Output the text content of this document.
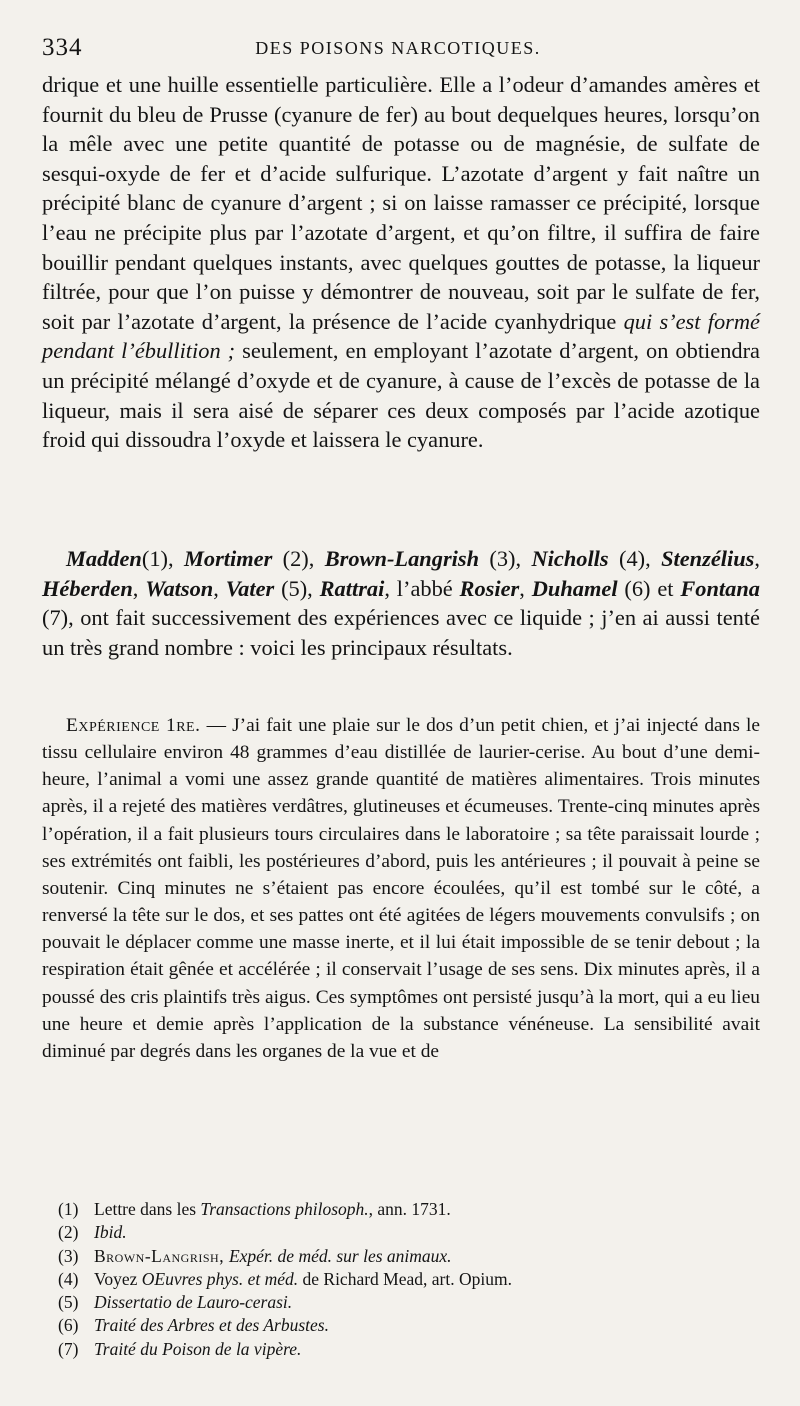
334	DES POISONS NARCOTIQUES.

drique et une huille essentielle particulière. Elle a l’odeur d’amandes amères et fournit du bleu de Prusse (cyanure de fer) au bout dequelques heures, lorsqu’on la mêle avec une petite quantité de potasse ou de magnésie, de sulfate de sesqui-oxyde de fer et d’acide sulfurique. L’azotate d’argent y fait naître un précipité blanc de cyanure d’argent ; si on laisse ramasser ce précipité, lorsque l’eau ne précipite plus par l’azotate d’argent, et qu’on filtre, il suffira de faire bouillir pendant quelques instants, avec quelques gouttes de potasse, la liqueur filtrée, pour que l’on puisse y démontrer de nouveau, soit par le sulfate de fer, soit par l’azotate d’argent, la présence de l’acide cyanhydrique qui s’est formé pendant l’ébullition ; seulement, en employant l’azotate d’argent, on obtiendra un précipité mélangé d’oxyde et de cyanure, à cause de l’excès de potasse de la liqueur, mais il sera aisé de séparer ces deux composés par l’acide azotique froid qui dissoudra l’oxyde et laissera le cyanure.

Madden(1), Mortimer (2), Brown-Langrish (3), Nicholls (4), Stenzélius, Héberden, Watson, Vater (5), Rattrai, l’abbé Rosier, Duhamel (6) et Fontana (7), ont fait successivement des expériences avec ce liquide ; j’en ai aussi tenté un très grand nombre : voici les principaux résultats.

Expérience 1re. — J’ai fait une plaie sur le dos d’un petit chien, et j’ai injecté dans le tissu cellulaire environ 48 grammes d’eau distillée de laurier-cerise. Au bout d’une demi-heure, l’animal a vomi une assez grande quantité de matières alimentaires. Trois minutes après, il a rejeté des matières verdâtres, glutineuses et écumeuses. Trente-cinq minutes après l’opération, il a fait plusieurs tours circulaires dans le laboratoire ; sa tête paraissait lourde ; ses extrémités ont faibli, les postérieures d’abord, puis les antérieures ; il pouvait à peine se soutenir. Cinq minutes ne s’étaient pas encore écoulées, qu’il est tombé sur le côté, a renversé la tête sur le dos, et ses pattes ont été agitées de légers mouvements convulsifs ; on pouvait le déplacer comme une masse inerte, et il lui était impossible de se tenir debout ; la respiration était gênée et accélérée ; il conservait l’usage de ses sens. Dix minutes après, il a poussé des cris plaintifs très aigus. Ces symptômes ont persisté jusqu’à la mort, qui a eu lieu une heure et demie après l’application de la substance vénéneuse. La sensibilité avait diminué par degrés dans les organes de la vue et de

(1) Lettre dans les Transactions philosoph., ann. 1731.
(2) Ibid.
(3) Brown-Langrish, Expér. de méd. sur les animaux.
(4) Voyez OEuvres phys. et méd. de Richard Mead, art. Opium.
(5) Dissertatio de Lauro-cerasi.
(6) Traité des Arbres et des Arbustes.
(7) Traité du Poison de la vipère.
